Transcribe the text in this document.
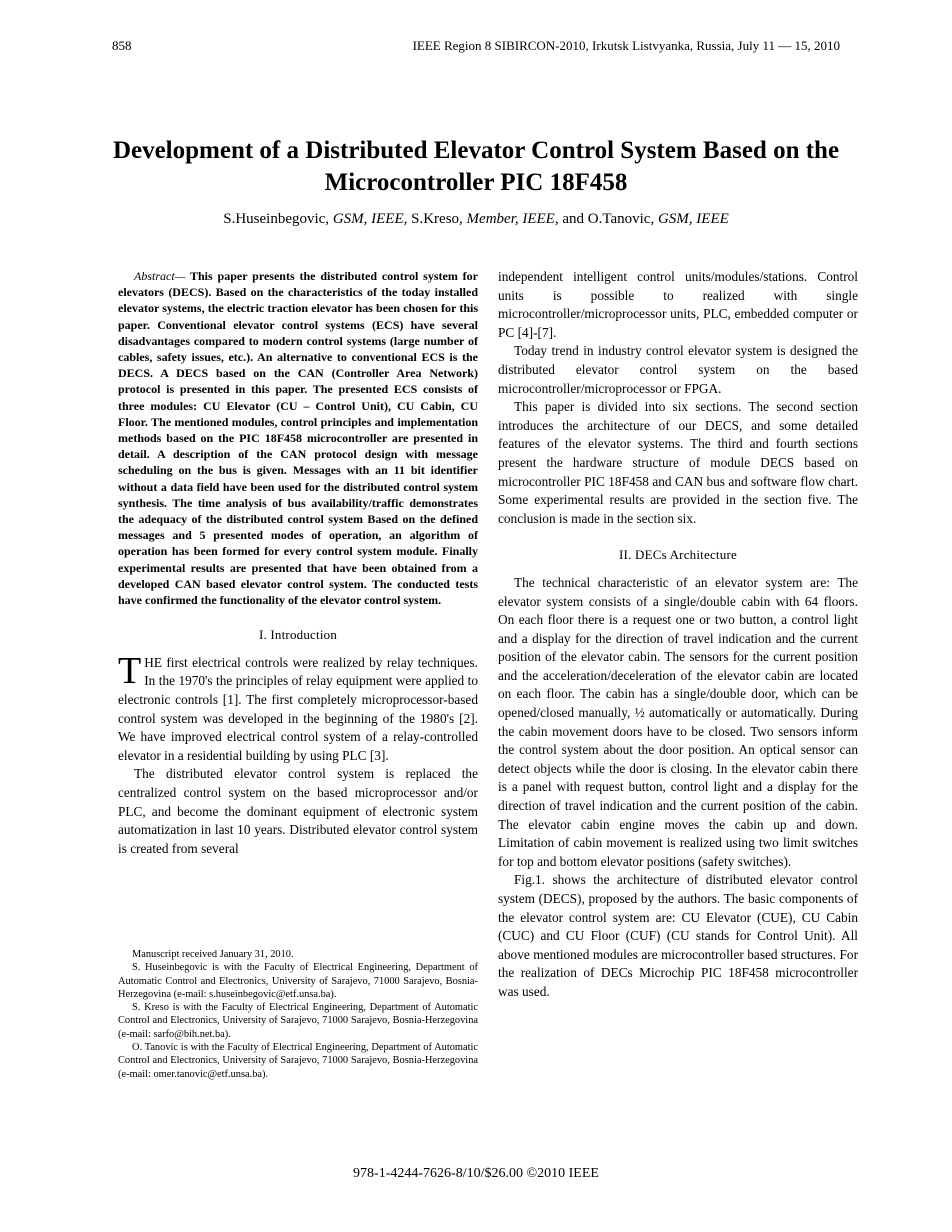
858	IEEE Region 8 SIBIRCON-2010, Irkutsk Listvyanka, Russia, July 11 — 15, 2010
Development of a Distributed Elevator Control System Based on the Microcontroller PIC 18F458
S.Huseinbegovic, GSM, IEEE, S.Kreso, Member, IEEE, and O.Tanovic, GSM, IEEE

Abstract— This paper presents the distributed control system for elevators (DECS). Based on the characteristics of the today installed elevator systems, the electric traction elevator has been chosen for this paper. Conventional elevator control systems (ECS) have several disadvantages compared to modern control systems (large number of cables, safety issues, etc.). An alternative to conventional ECS is the DECS. A DECS based on the CAN (Controller Area Network) protocol is presented in this paper. The presented ECS consists of three modules: CU Elevator (CU – Control Unit), CU Cabin, CU Floor. The mentioned modules, control principles and implementation methods based on the PIC 18F458 microcontroller are presented in detail. A description of the CAN protocol design with message scheduling on the bus is given. Messages with an 11 bit identifier without a data field have been used for the distributed control system synthesis. The time analysis of bus availability/traffic demonstrates the adequacy of the distributed control system Based on the defined messages and 5 presented modes of operation, an algorithm of operation has been formed for every control system module. Finally experimental results are presented that have been obtained from a developed CAN based elevator control system. The conducted tests have confirmed the functionality of the elevator control system.

I. Introduction

THE first electrical controls were realized by relay techniques. In the 1970's the principles of relay equipment were applied to electronic controls [1]. The first completely microprocessor-based control system was developed in the beginning of the 1980's [2]. We have improved electrical control system of a relay-controlled elevator in a residential building by using PLC [3].

The distributed elevator control system is replaced the centralized control system on the based microprocessor and/or PLC, and become the dominant equipment of electronic system automatization in last 10 years. Distributed elevator control system is created from several

Manuscript received January 31, 2010.

S. Huseinbegovic is with the Faculty of Electrical Engineering, Department of Automatic Control and Electronics, University of Sarajevo, 71000 Sarajevo, Bosnia-Herzegovina (e-mail: s.huseinbegovic@etf.unsa.ba).

S. Kreso is with the Faculty of Electrical Engineering, Department of Automatic Control and Electronics, University of Sarajevo, 71000 Sarajevo, Bosnia-Herzegovina (e-mail: sarfo@bih.net.ba).

O. Tanovic is with the Faculty of Electrical Engineering, Department of Automatic Control and Electronics, University of Sarajevo, 71000 Sarajevo, Bosnia-Herzegovina (e-mail: omer.tanovic@etf.unsa.ba).

independent intelligent control units/modules/stations. Control units is possible to realized with single microcontroller/microprocessor units, PLC, embedded computer or PC [4]-[7].

Today trend in industry control elevator system is designed the distributed elevator control system on the based microcontroller/microprocessor or FPGA.

This paper is divided into six sections. The second section introduces the architecture of our DECS, and some detailed features of the elevator systems. The third and fourth sections present the hardware structure of module DECS based on microcontroller PIC 18F458 and CAN bus and software flow chart. Some experimental results are provided in the section five. The conclusion is made in the section six.

II. DECs Architecture

The technical characteristic of an elevator system are: The elevator system consists of a single/double cabin with 64 floors. On each floor there is a request one or two button, a control light and a display for the direction of travel indication and the current position of the elevator cabin. The sensors for the current position and the acceleration/deceleration of the elevator cabin are located on each floor. The cabin has a single/double door, which can be opened/closed manually, ½ automatically or automatically. During the cabin movement doors have to be closed. Two sensors inform the control system about the door position. An optical sensor can detect objects while the door is closing. In the elevator cabin there is a panel with request button, control light and a display for the direction of travel indication and the current position of the cabin. The elevator cabin engine moves the cabin up and down. Limitation of cabin movement is realized using two limit switches for top and bottom elevator positions (safety switches).

Fig.1. shows the architecture of distributed elevator control system (DECS), proposed by the authors. The basic components of the elevator control system are: CU Elevator (CUE), CU Cabin (CUC) and CU Floor (CUF) (CU stands for Control Unit). All above mentioned modules are microcontroller based structures. For the realization of DECs Microchip PIC 18F458 microcontroller was used.

978-1-4244-7626-8/10/$26.00 ©2010 IEEE
